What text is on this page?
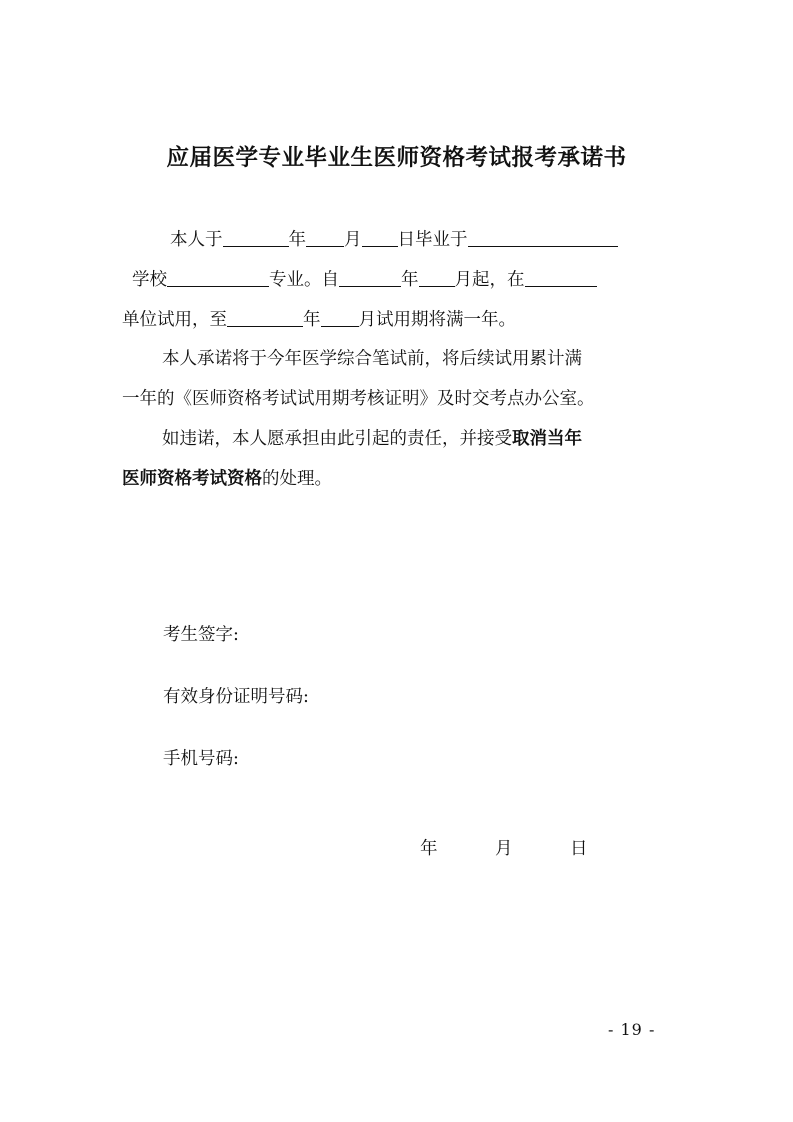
应届医学专业毕业生医师资格考试报考承诺书
本人于	年 月 日毕业于
学校	专业。自	年 月起，在
单位试用，至	年 月试用期将满一年。
本人承诺将于今年医学综合笔试前，将后续试用累计满
一年的《医师资格考试试用期考核证明》及时交考点办公室。
如违诺，本人愿承担由此引起的责任，并接受取消当年
医师资格考试资格的处理。
考生签字:
有效身份证明号码:
手机号码:
年	月	日
- 19 -
